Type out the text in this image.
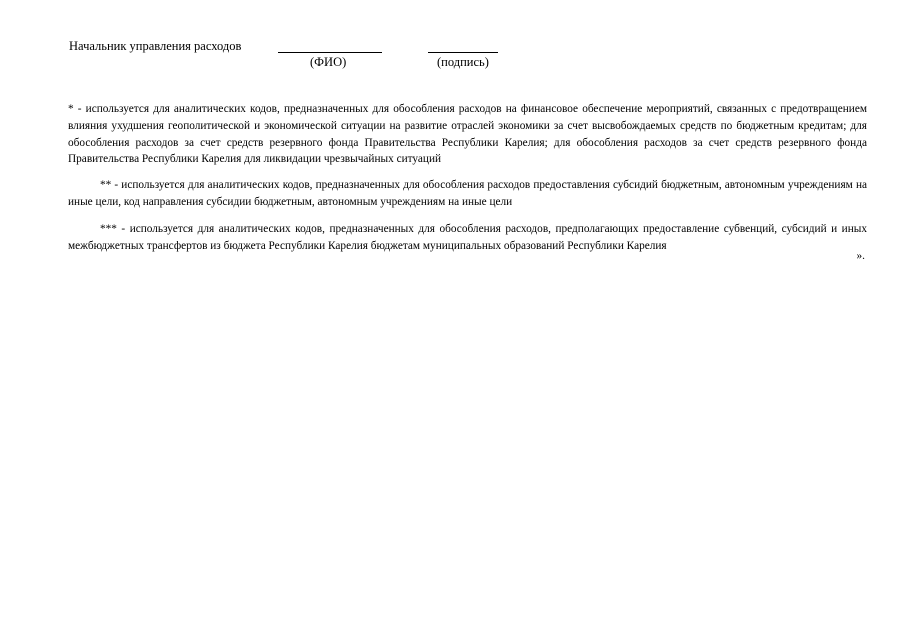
Начальник управления расходов
(ФИО)	(подпись)

* - используется для аналитических кодов, предназначенных для обособления расходов на финансовое обеспечение мероприятий, связанных с предотвращением влияния ухудшения геополитической и экономической ситуации на развитие отраслей экономики за счет высвобождаемых средств по бюджетным кредитам; для обособления расходов за счет средств резервного фонда Правительства Республики Карелия; для обособления расходов за счет средств резервного фонда Правительства Республики Карелия для ликвидации чрезвычайных ситуаций

** - используется для аналитических кодов, предназначенных для обособления расходов предоставления субсидий бюджетным, автономным учреждениям на иные цели, код направления субсидии бюджетным, автономным учреждениям на иные цели

*** - используется для аналитических кодов, предназначенных для обособления расходов, предполагающих предоставление субвенций, субсидий и иных межбюджетных трансфертов из бюджета Республики Карелия бюджетам муниципальных образований Республики Карелия

».
